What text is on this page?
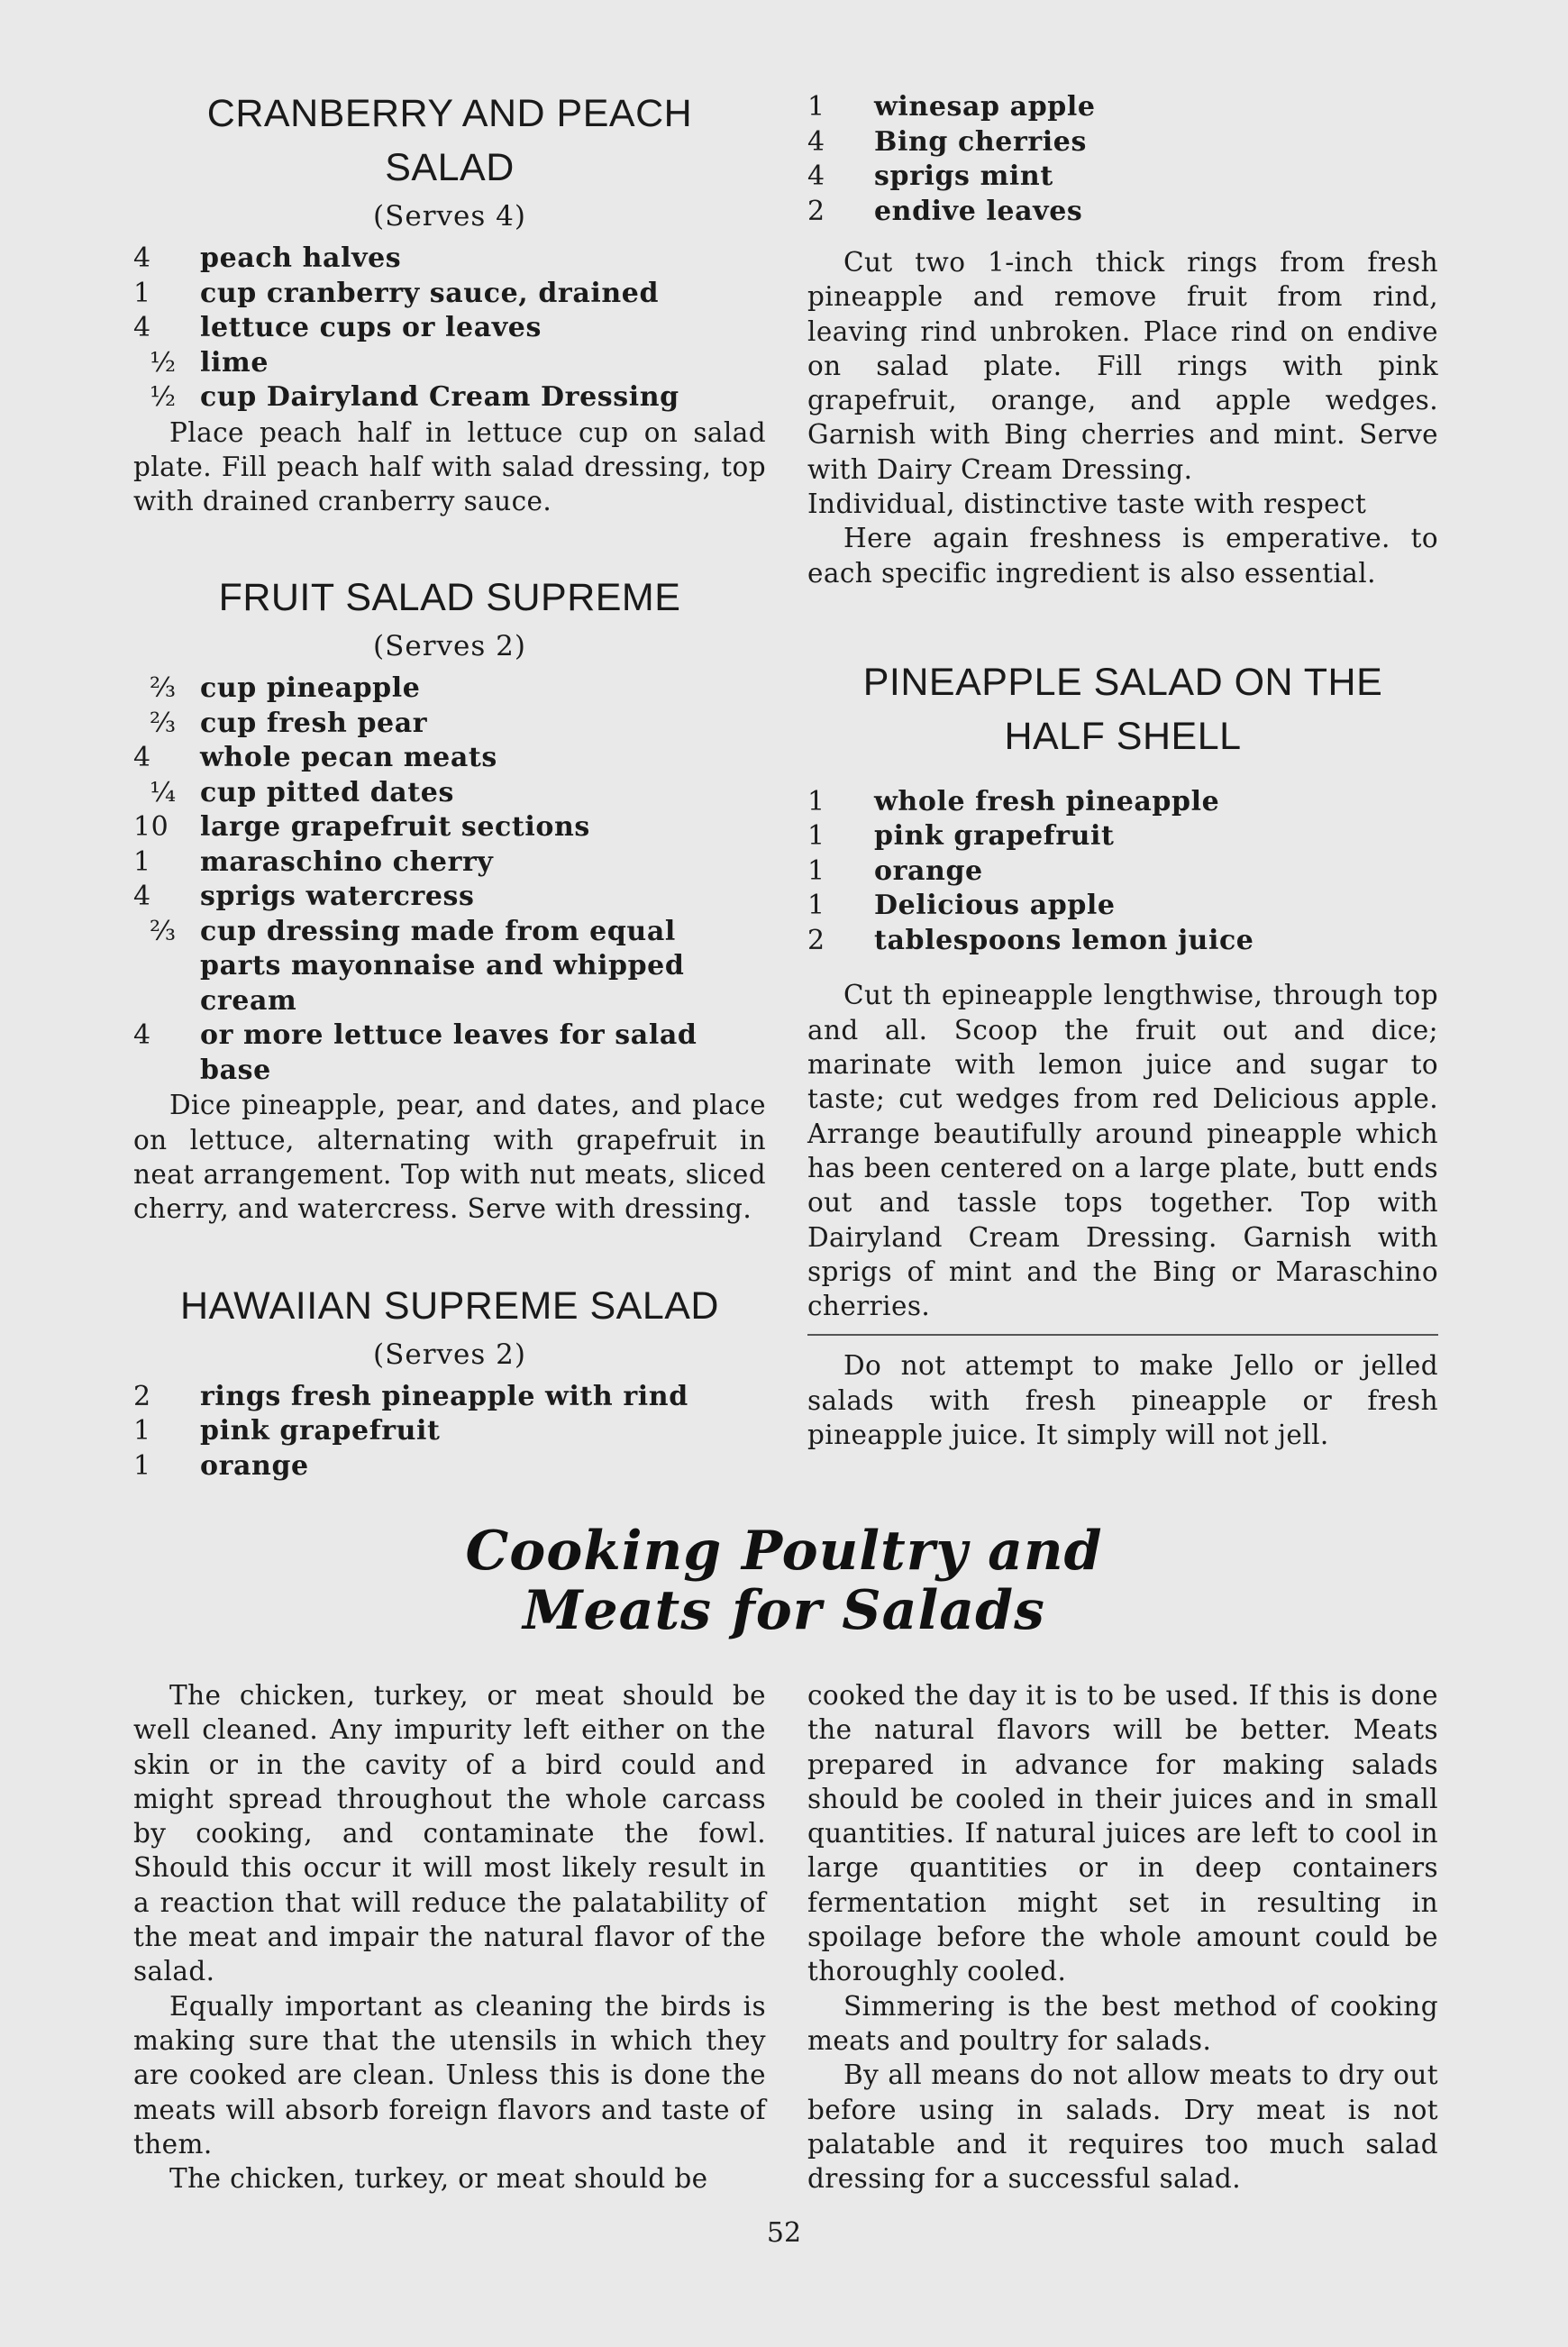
CRANBERRY AND PEACH
SALAD
(Serves 4)
4	peach halves
1	cup cranberry sauce, drained
4	lettuce cups or leaves
½ lime
½ cup Dairyland Cream Dressing

Place peach half in lettuce cup on salad plate. Fill peach half with salad dressing, top with drained cranberry sauce.

FRUIT SALAD SUPREME
(Serves 2)
⅔ cup pineapple
⅔ cup fresh pear
4	whole pecan meats
¼ cup pitted dates
10	large grapefruit sections
1	maraschino cherry
4	sprigs watercress
⅔ cup dressing made from equal parts mayonnaise and whipped cream
4	or more lettuce leaves for salad base

Dice pineapple, pear, and dates, and place on lettuce, alternating with grapefruit in neat arrangement. Top with nut meats, sliced cherry, and watercress. Serve with dressing.

HAWAIIAN SUPREME SALAD
(Serves 2)
2	rings fresh pineapple with rind
1	pink grapefruit
1	orange
1	winesap apple
4	Bing cherries
4	sprigs mint
2	endive leaves

Cut two 1-inch thick rings from fresh pineapple and remove fruit from rind, leaving rind unbroken. Place rind on endive on salad plate. Fill rings with pink grapefruit, orange, and apple wedges. Garnish with Bing cherries and mint. Serve with Dairy Cream Dressing.

Individual, distinctive taste with respect

Here again freshness is emperative. to each specific ingredient is also essential.

PINEAPPLE SALAD ON THE
HALF SHELL
1	whole fresh pineapple
1	pink grapefruit
1	orange
1	Delicious apple
2	tablespoons lemon juice

Cut th epineapple lengthwise, through top and all. Scoop the fruit out and dice; marinate with lemon juice and sugar to taste; cut wedges from red Delicious apple. Arrange beautifully around pineapple which has been centered on a large plate, butt ends out and tassle tops together. Top with Dairyland Cream Dressing. Garnish with sprigs of mint and the Bing or Maraschino cherries.

Do not attempt to make Jello or jelled salads with fresh pineapple or fresh pineapple juice. It simply will not jell.

Cooking Poultry and
Meats for Salads

The chicken, turkey, or meat should be well cleaned. Any impurity left either on the skin or in the cavity of a bird could and might spread throughout the whole carcass by cooking, and contaminate the fowl. Should this occur it will most likely result in a reaction that will reduce the palatability of the meat and impair the natural flavor of the salad.

Equally important as cleaning the birds is making sure that the utensils in which they are cooked are clean. Unless this is done the meats will absorb foreign flavors and taste of them.

The chicken, turkey, or meat should be

cooked the day it is to be used. If this is done the natural flavors will be better. Meats prepared in advance for making salads should be cooled in their juices and in small quantities. If natural juices are left to cool in large quantities or in deep containers fermentation might set in resulting in spoilage before the whole amount could be thoroughly cooled.

Simmering is the best method of cooking meats and poultry for salads.

By all means do not allow meats to dry out before using in salads. Dry meat is not palatable and it requires too much salad dressing for a successful salad.

52
